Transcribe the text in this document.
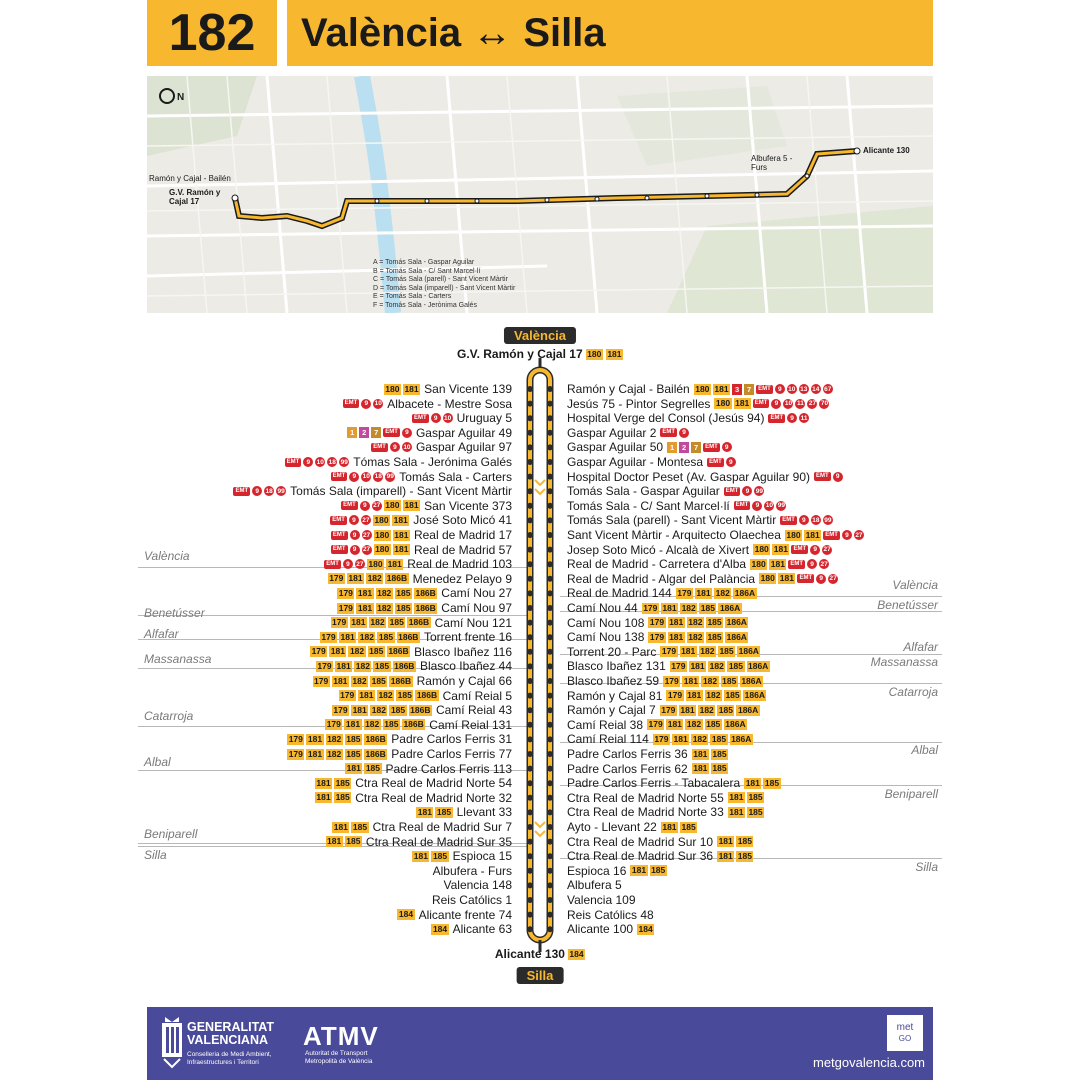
182	València ↔ Silla
N
Ramón y Cajal - Bailén
G.V. Ramón y Cajal 17
Albufera 5 - Furs
Alicante 130
A = Tomás Sala - Gaspar Aguilar
B = Tomás Sala - C/ Sant Marcel·lí
C = Tomás Sala (parell) - Sant Vicent Màrtir
D = Tomás Sala (imparell) - Sant Vicent Màrtir
E = Tomás Sala - Carters
F = Tomás Sala - Jerònima Galés
València
G.V. Ramón y Cajal 17 180 181
València
Benetússer
Alfafar
Massanassa
Catarroja
Albal
Beniparell
Silla
València
Benetússer
Alfafar
Massanassa
Catarroja
Albal
Beniparell
Silla
180 181 San Vicente 139
EMT	9	10 Albacete - Mestre Sosa
EMT	9	10 Uruguay 5
1	2	7	EMT	9 Gaspar Aguilar 49
EMT	9	10 Gaspar Aguilar 97
EMT	9	10 18 99 Tómas Sala - Jerónima Galés
EMT	9	10 18 99 Tomás Sala - Carters
EMT	9	18 99 Tomás Sala (imparell) - Sant Vicent Màrtir
EMT	9	27 180 181 San Vicente 373
EMT	9	27 180 181 José Soto Micó 41
EMT	9	27 180 181 Real de Madrid 17
EMT	9	27 180 181 Real de Madrid 57
EMT	9	27 180 181 Real de Madrid 103
179 181 182 186B Menedez Pelayo 9
179 181 182 185 186B Camí Nou 27
179 181 182 185 186B Camí Nou 97
179 181 182 185 186B Camí Nou 121
179 181 182 185 186B Torrent frente 16
179 181 182 185 186B Blasco Ibañez 116
179 181 182 185 186B Blasco Ibañez 44
179 181 182 185 186B Ramón y Cajal 66
179 181 182 185 186B Camí Reial 5
179 181 182 185 186B Camí Reial 43
179 181 182 185 186B Camí Reial 131
179 181 182 185 186B Padre Carlos Ferris 31
179 181 182 185 186B Padre Carlos Ferris 77
181 185 Padre Carlos Ferris 113
181 185 Ctra Real de Madrid Norte 54
181 185 Ctra Real de Madrid Norte 32
181 185 Llevant 33
181 185 Ctra Real de Madrid Sur 7
181 185 Ctra Real de Madrid Sur 35
181 185 Espioca 15
Albufera - Furs
Valencia 148
Reis Católics 1
184 Alicante frente 74
184 Alicante 63
Ramón y Cajal - Bailén 180 181 3	7	EMT	9	10 13 14 67
Jesús 75 - Pintor Segrelles 180 181 EMT	9	10 11 27 70
Hospital Verge del Consol (Jesús 94)	EMT	9	11
Gaspar Aguilar 2	EMT	9
Gaspar Aguilar 50 1	2	7	EMT	9
Gaspar Aguilar - Montesa	EMT	9
Hospital Doctor Peset (Av. Gaspar Aguilar 90)	EMT	9
Tomás Sala - Gaspar Aguilar	EMT	9	99
Tomás Sala - C/ Sant Marcel·lí	EMT	9	10 99
Tomás Sala (parell) - Sant Vicent Màrtir	EMT	9	18 99
Sant Vicent Màrtir - Arquitecto Olaechea 180 181 EMT	9	27
Josep Soto Micó - Alcalà de Xivert 180 181 EMT	9	27
Real de Madrid - Carretera d'Alba 180 181 EMT	9	27
Real de Madrid - Algar del Palància 180 181 EMT	9	27
Real de Madrid 144 179 181 182 186A
Camí Nou 44 179 181 182 185 186A
Camí Nou 108 179 181 182 185 186A
Camí Nou 138 179 181 182 185 186A
Torrent 20 - Parc 179 181 182 185 186A
Blasco Ibañez 131 179 181 182 185 186A
Blasco Ibañez 59 179 181 182 185 186A
Ramón y Cajal 81 179 181 182 185 186A
Ramón y Cajal 7 179 181 182 185 186A
Camí Reial 38 179 181 182 185 186A
Camí Reial 114 179 181 182 185 186A
Padre Carlos Ferris 36 181 185
Padre Carlos Ferris 62 181 185
Padre Carlos Ferris - Tabacalera 181 185
Ctra Real de Madrid Norte 55 181 185
Ctra Real de Madrid Norte 33 181 185
Ayto - Llevant 22 181 185
Ctra Real de Madrid Sur 10 181 185
Ctra Real de Madrid Sur 36 181 185
Espioca 16 181 185
Albufera 5
Valencia 109
Reis Católics 48
Alicante 100 184
Alicante 130 184
Silla
GENERALITAT
VALENCIANA
Conselleria de Medi Ambient,
Infraestructures i Territori
ATMV
Autoritat de Transport
Metropolità de València
met
GO
metgovalencia.com
